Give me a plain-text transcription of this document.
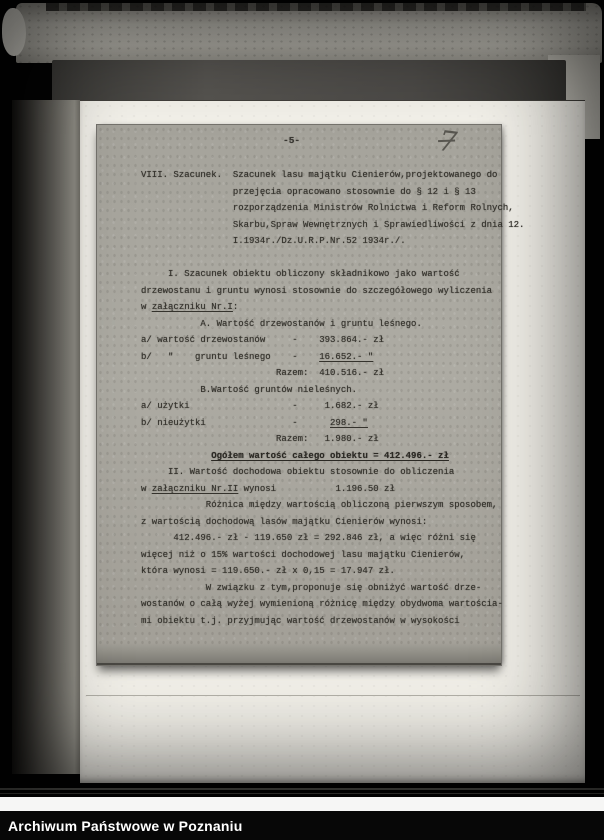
-5-	7
VIII. Szacunek.  Szacunek lasu majątku Cienierów,projektowanego do
przejęcia opracowano stosownie do § 12 i § 13
rozporządzenia Ministrów Rolnictwa i Reform Rolnych,
Skarbu,Spraw Wewnętrznych i Sprawiedliwości z dnia 12.
I.1934r./Dz.U.R.P.Nr.52 1934r./.

I. Szacunek obiektu obliczony składnikowo jako wartość
drzewostanu i gruntu wynosi stosownie do szczegółowego wyliczenia
w załączniku Nr.I:
A. Wartość drzewostanów i gruntu leśnego.
a/ wartość drzewostanów     -    393.864.- zł
b/   "    gruntu leśnego    -    16.652.- "
Razem:  410.516.- zł
B.Wartość gruntów nieleśnych.
a/ użytki                   -     1.682.- zł
b/ nieużytki                -      298.- "
Razem:   1.980.- zł
Ogółem wartość całego obiektu = 412.496.- zł
II. Wartość dochodowa obiektu stosownie do obliczenia
w załączniku Nr.II wynosi           1.196.50 zł
Różnica między wartością obliczoną pierwszym sposobem,
z wartością dochodową lasów majątku Cienierów wynosi:
412.496.- zł - 119.650 zł = 292.846 zł, a więc różni się
więcej niż o 15% wartości dochodowej lasu majątku Cienierów,
która wynosi = 119.650.- zł x 0,15 = 17.947 zł.
W związku z tym,proponuje się obniżyć wartość drze-
wostanów o całą wyżej wymienioną różnicę między obydwoma wartościa-
mi obiektu t.j. przyjmując wartość drzewostanów w wysokości
Archiwum Państwowe w Poznaniu
